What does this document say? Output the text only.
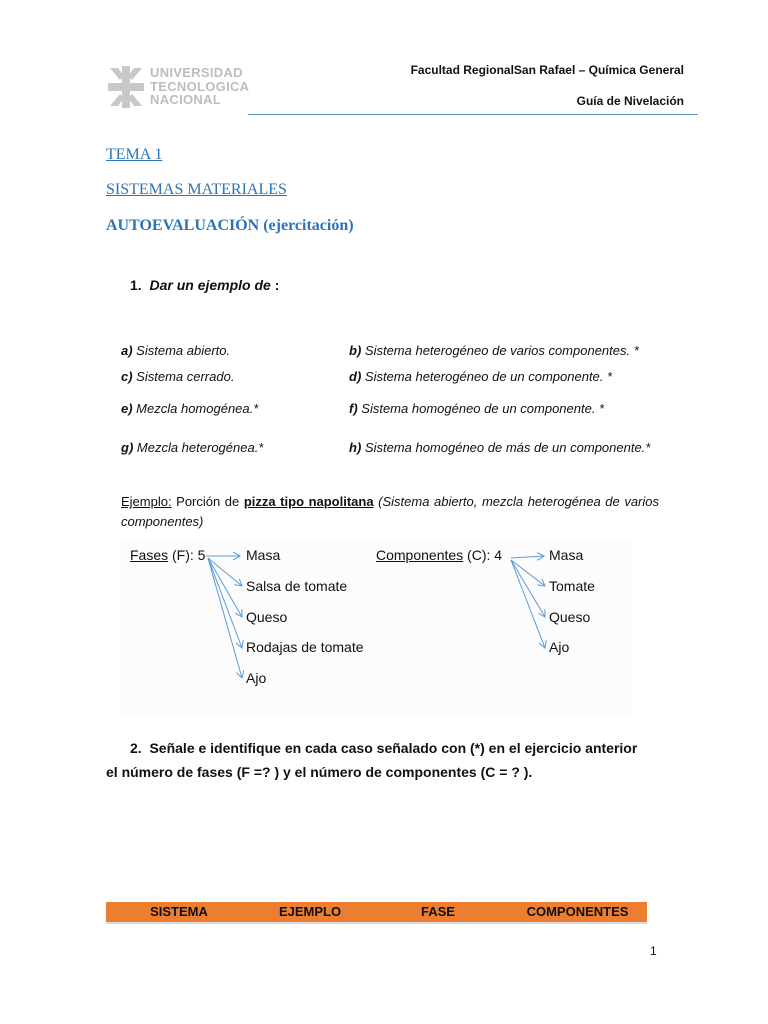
UNIVERSIDAD
TECNOLOGICA
NACIONAL
Facultad RegionalSan Rafael – Química General
Guía de Nivelación
TEMA 1
SISTEMAS MATERIALES
AUTOEVALUACIÓN (ejercitación)
1. Dar un ejemplo de :
a) Sistema abierto.	b) Sistema heterogéneo de varios componentes. *
c) Sistema cerrado.	d) Sistema heterogéneo de un componente. *
e) Mezcla homogénea.*	f) Sistema homogéneo de un componente. *
g) Mezcla heterogénea.*	h) Sistema homogéneo de más de un componente.*
Ejemplo: Porción de pizza tipo napolitana (Sistema abierto, mezcla heterogénea de varios componentes)
Fases (F): 5	Masa
Salsa de tomate
Queso
Rodajas de tomate
Ajo
Componentes (C): 4	Masa
Tomate
Queso
Ajo
2. Señale e identifique en cada caso señalado con (*) en el ejercicio anterior
el número de fases (F =? ) y el número de componentes (C = ? ).
SISTEMA	EJEMPLO	FASE	COMPONENTES
1
